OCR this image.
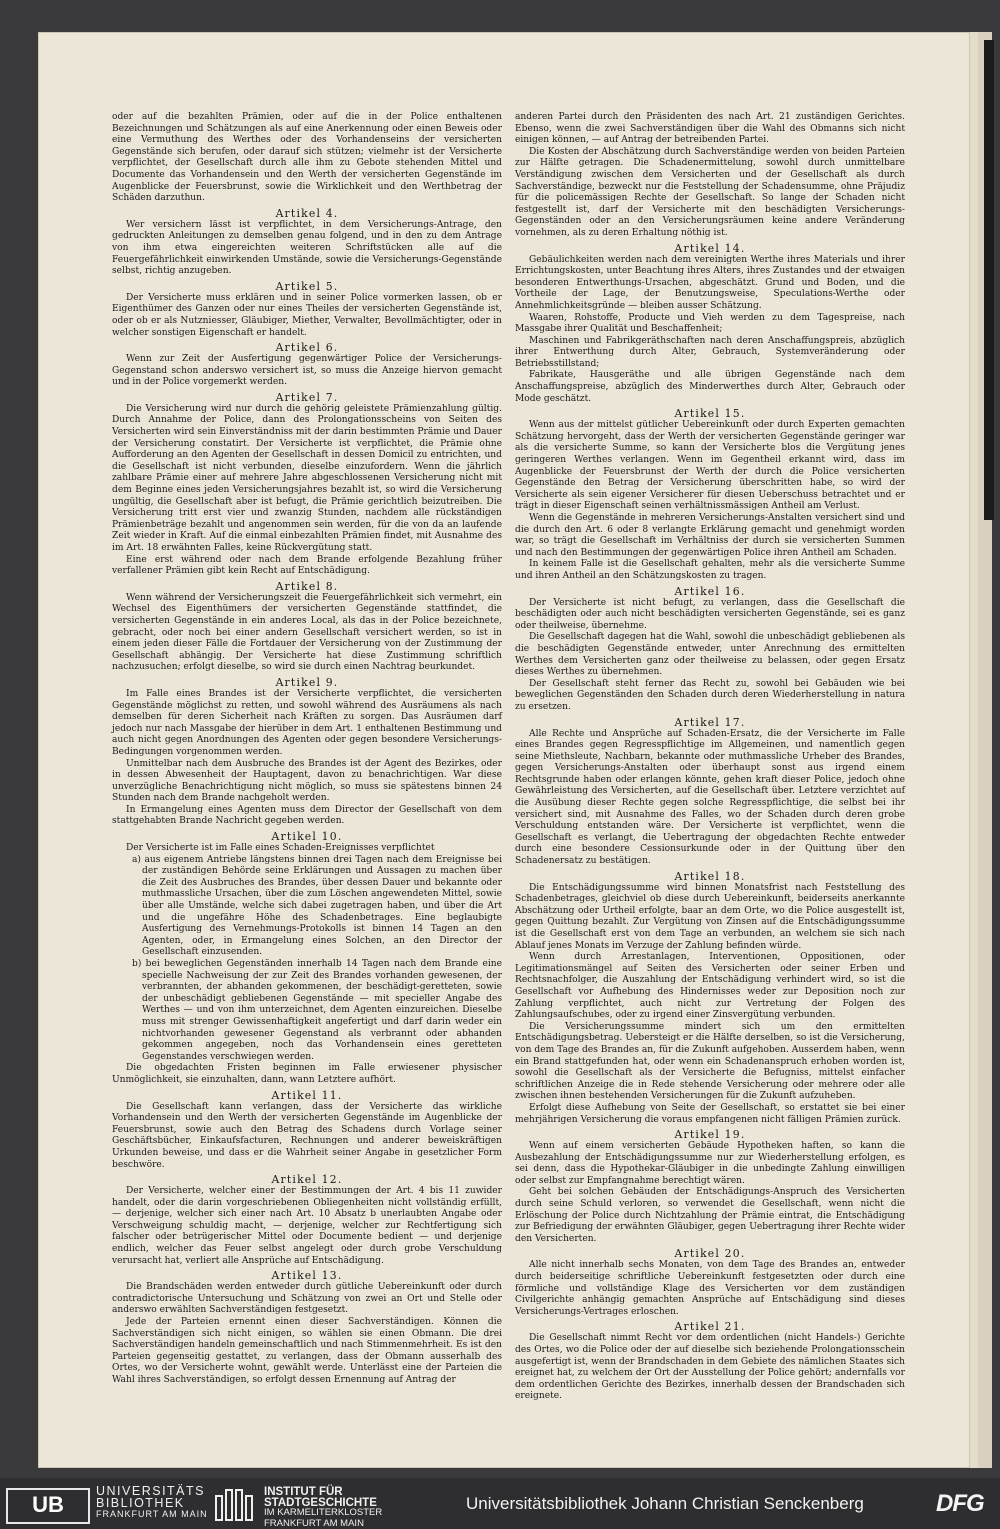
oder auf die bezahlten Prämien, oder auf die in der Police enthaltenen Bezeichnungen und Schätzungen als auf eine Anerkennung oder einen Beweis oder eine Vermuthung des Werthes oder des Vorhandenseins der versicherten Gegenstände sich berufen, oder darauf sich stützen; vielmehr ist der Versicherte verpflichtet, der Gesellschaft durch alle ihm zu Gebote stehenden Mittel und Documente das Vorhandensein und den Werth der versicherten Gegenstände im Augenblicke der Feuersbrunst, sowie die Wirklichkeit und den Werthbetrag der Schäden darzuthun.

Artikel 4.

Wer versichern lässt ist verpflichtet, in dem Versicherungs-Antrage, den gedruckten Anleitungen zu demselben genau folgend, und in den zu dem Antrage von ihm etwa eingereichten weiteren Schriftstücken alle auf die Feuergefährlichkeit einwirkenden Umstände, sowie die Versicherungs-Gegenstände selbst, richtig anzugeben.

Artikel 5.

Der Versicherte muss erklären und in seiner Police vormerken lassen, ob er Eigenthümer des Ganzen oder nur eines Theiles der versicherten Gegenstände ist, oder ob er als Nutzniesser, Gläubiger, Miether, Verwalter, Bevollmächtigter, oder in welcher sonstigen Eigenschaft er handelt.

Artikel 6.

Wenn zur Zeit der Ausfertigung gegenwärtiger Police der Versicherungs-Gegenstand schon anderswo versichert ist, so muss die Anzeige hiervon gemacht und in der Police vorgemerkt werden.

Artikel 7.

Die Versicherung wird nur durch die gehörig geleistete Prämienzahlung gültig. Durch Annahme der Police, dann des Prolongationsscheins von Seiten des Versicherten wird sein Einverständniss mit der darin bestimmten Prämie und Dauer der Versicherung constatirt. Der Versicherte ist verpflichtet, die Prämie ohne Aufforderung an den Agenten der Gesellschaft in dessen Domicil zu entrichten, und die Gesellschaft ist nicht verbunden, dieselbe einzufordern. Wenn die jährlich zahlbare Prämie einer auf mehrere Jahre abgeschlossenen Versicherung nicht mit dem Beginne eines jeden Versicherungsjahres bezahlt ist, so wird die Versicherung ungültig, die Gesellschaft aber ist befugt, die Prämie gerichtlich beizutreiben. Die Versicherung tritt erst vier und zwanzig Stunden, nachdem alle rückständigen Prämienbeträge bezahlt und angenommen sein werden, für die von da an laufende Zeit wieder in Kraft. Auf die einmal einbezahlten Prämien findet, mit Ausnahme des im Art. 18 erwähnten Falles, keine Rückvergütung statt.

Eine erst während oder nach dem Brande erfolgende Bezahlung früher verfallener Prämien gibt kein Recht auf Entschädigung.

Artikel 8.

Wenn während der Versicherungszeit die Feuergefährlichkeit sich vermehrt, ein Wechsel des Eigenthümers der versicherten Gegenstände stattfindet, die versicherten Gegenstände in ein anderes Local, als das in der Police bezeichnete, gebracht, oder noch bei einer andern Gesellschaft versichert werden, so ist in einem jeden dieser Fälle die Fortdauer der Versicherung von der Zustimmung der Gesellschaft abhängig. Der Versicherte hat diese Zustimmung schriftlich nachzusuchen; erfolgt dieselbe, so wird sie durch einen Nachtrag beurkundet.

Artikel 9.

Im Falle eines Brandes ist der Versicherte verpflichtet, die versicherten Gegenstände möglichst zu retten, und sowohl während des Ausräumens als nach demselben für deren Sicherheit nach Kräften zu sorgen. Das Ausräumen darf jedoch nur nach Massgabe der hierüber in dem Art. 1 enthaltenen Bestimmung und auch nicht gegen Anordnungen des Agenten oder gegen besondere Versicherungs-Bedingungen vorgenommen werden.

Unmittelbar nach dem Ausbruche des Brandes ist der Agent des Bezirkes, oder in dessen Abwesenheit der Hauptagent, davon zu benachrichtigen. War diese unverzügliche Benachrichtigung nicht möglich, so muss sie spätestens binnen 24 Stunden nach dem Brande nachgeholt werden.

In Ermangelung eines Agenten muss dem Director der Gesellschaft von dem stattgehabten Brande Nachricht gegeben werden.

Artikel 10.

Der Versicherte ist im Falle eines Schaden-Ereignisses verpflichtet

a) aus eigenem Antriebe längstens binnen drei Tagen nach dem Ereignisse bei der zuständigen Behörde seine Erklärungen und Aussagen zu machen über die Zeit des Ausbruches des Brandes, über dessen Dauer und bekannte oder muthmassliche Ursachen, über die zum Löschen angewendeten Mittel, sowie über alle Umstände, welche sich dabei zugetragen haben, und über die Art und die ungefähre Höhe des Schadenbetrages. Eine beglaubigte Ausfertigung des Vernehmungs-Protokolls ist binnen 14 Tagen an den Agenten, oder, in Ermangelung eines Solchen, an den Director der Gesellschaft einzusenden.

b) bei beweglichen Gegenständen innerhalb 14 Tagen nach dem Brande eine specielle Nachweisung der zur Zeit des Brandes vorhanden gewesenen, der verbrannten, der abhanden gekommenen, der beschädigt-geretteten, sowie der unbeschädigt gebliebenen Gegenstände — mit specieller Angabe des Werthes — und von ihm unterzeichnet, dem Agenten einzureichen. Dieselbe muss mit strenger Gewissenhaftigkeit angefertigt und darf darin weder ein nichtvorhanden gewesener Gegenstand als verbrannt oder abhanden gekommen angegeben, noch das Vorhandensein eines geretteten Gegenstandes verschwiegen werden.

Die obgedachten Fristen beginnen im Falle erwiesener physischer Unmöglichkeit, sie einzuhalten, dann, wann Letztere aufhört.

Artikel 11.

Die Gesellschaft kann verlangen, dass der Versicherte das wirkliche Vorhandensein und den Werth der versicherten Gegenstände im Augenblicke der Feuersbrunst, sowie auch den Betrag des Schadens durch Vorlage seiner Geschäftsbücher, Einkaufsfacturen, Rechnungen und anderer beweiskräftigen Urkunden beweise, und dass er die Wahrheit seiner Angabe in gesetzlicher Form beschwöre.

Artikel 12.

Der Versicherte, welcher einer der Bestimmungen der Art. 4 bis 11 zuwider handelt, oder die darin vorgeschriebenen Obliegenheiten nicht vollständig erfüllt, — derjenige, welcher sich einer nach Art. 10 Absatz b unerlaubten Angabe oder Verschweigung schuldig macht, — derjenige, welcher zur Rechtfertigung sich falscher oder betrügerischer Mittel oder Documente bedient — und derjenige endlich, welcher das Feuer selbst angelegt oder durch grobe Verschuldung verursacht hat, verliert alle Ansprüche auf Entschädigung.

Artikel 13.

Die Brandschäden werden entweder durch gütliche Uebereinkunft oder durch contradictorische Untersuchung und Schätzung von zwei an Ort und Stelle oder anderswo erwählten Sachverständigen festgesetzt.

Jede der Parteien ernennt einen dieser Sachverständigen. Können die Sachverständigen sich nicht einigen, so wählen sie einen Obmann. Die drei Sachverständigen handeln gemeinschaftlich und nach Stimmenmehrheit. Es ist den Parteien gegenseitig gestattet, zu verlangen, dass der Obmann ausserhalb des Ortes, wo der Versicherte wohnt, gewählt werde. Unterlässt eine der Parteien die Wahl ihres Sachverständigen, so erfolgt dessen Ernennung auf Antrag der

anderen Partei durch den Präsidenten des nach Art. 21 zuständigen Gerichtes. Ebenso, wenn die zwei Sachverständigen über die Wahl des Obmanns sich nicht einigen können, — auf Antrag der betreibenden Partei.

Die Kosten der Abschätzung durch Sachverständige werden von beiden Parteien zur Hälfte getragen. Die Schadenermittelung, sowohl durch unmittelbare Verständigung zwischen dem Versicherten und der Gesellschaft als durch Sachverständige, bezweckt nur die Feststellung der Schadensumme, ohne Präjudiz für die policemässigen Rechte der Gesellschaft. So lange der Schaden nicht festgestellt ist, darf der Versicherte mit den beschädigten Versicherungs-Gegenständen oder an den Versicherungsräumen keine andere Veränderung vornehmen, als zu deren Erhaltung nöthig ist.

Artikel 14.

Gebäulichkeiten werden nach dem vereinigten Werthe ihres Materials und ihrer Errichtungskosten, unter Beachtung ihres Alters, ihres Zustandes und der etwaigen besonderen Entwerthungs-Ursachen, abgeschätzt. Grund und Boden, und die Vortheile der Lage, der Benutzungsweise, Speculations-Werthe oder Annehmlichkeitsgründe — bleiben ausser Schätzung.

Waaren, Rohstoffe, Producte und Vieh werden zu dem Tagespreise, nach Massgabe ihrer Qualität und Beschaffenheit;

Maschinen und Fabrikgeräthschaften nach deren Anschaffungspreis, abzüglich ihrer Entwerthung durch Alter, Gebrauch, Systemveränderung oder Betriebsstillstand;

Fabrikate, Hausgeräthe und alle übrigen Gegenstände nach dem Anschaffungspreise, abzüglich des Minderwerthes durch Alter, Gebrauch oder Mode geschätzt.

Artikel 15.

Wenn aus der mittelst gütlicher Uebereinkunft oder durch Experten gemachten Schätzung hervorgeht, dass der Werth der versicherten Gegenstände geringer war als die versicherte Summe, so kann der Versicherte blos die Vergütung jenes geringeren Werthes verlangen. Wenn im Gegentheil erkannt wird, dass im Augenblicke der Feuersbrunst der Werth der durch die Police versicherten Gegenstände den Betrag der Versicherung überschritten habe, so wird der Versicherte als sein eigener Versicherer für diesen Ueberschuss betrachtet und er trägt in dieser Eigenschaft seinen verhältnissmässigen Antheil am Verlust.

Wenn die Gegenstände in mehreren Versicherungs-Anstalten versichert sind und die durch den Art. 6 oder 8 verlangte Erklärung gemacht und genehmigt worden war, so trägt die Gesellschaft im Verhältniss der durch sie versicherten Summen und nach den Bestimmungen der gegenwärtigen Police ihren Antheil am Schaden.

In keinem Falle ist die Gesellschaft gehalten, mehr als die versicherte Summe und ihren Antheil an den Schätzungskosten zu tragen.

Artikel 16.

Der Versicherte ist nicht befugt, zu verlangen, dass die Gesellschaft die beschädigten oder auch nicht beschädigten versicherten Gegenstände, sei es ganz oder theilweise, übernehme.

Die Gesellschaft dagegen hat die Wahl, sowohl die unbeschädigt gebliebenen als die beschädigten Gegenstände entweder, unter Anrechnung des ermittelten Werthes dem Versicherten ganz oder theilweise zu belassen, oder gegen Ersatz dieses Werthes zu übernehmen.

Der Gesellschaft steht ferner das Recht zu, sowohl bei Gebäuden wie bei beweglichen Gegenständen den Schaden durch deren Wiederherstellung in natura zu ersetzen.

Artikel 17.

Alle Rechte und Ansprüche auf Schaden-Ersatz, die der Versicherte im Falle eines Brandes gegen Regresspflichtige im Allgemeinen, und namentlich gegen seine Miethsleute, Nachbarn, bekannte oder muthmassliche Urheber des Brandes, gegen Versicherungs-Anstalten oder überhaupt sonst aus irgend einem Rechtsgrunde haben oder erlangen könnte, gehen kraft dieser Police, jedoch ohne Gewährleistung des Versicherten, auf die Gesellschaft über. Letztere verzichtet auf die Ausübung dieser Rechte gegen solche Regresspflichtige, die selbst bei ihr versichert sind, mit Ausnahme des Falles, wo der Schaden durch deren grobe Verschuldung entstanden wäre. Der Versicherte ist verpflichtet, wenn die Gesellschaft es verlangt, die Uebertragung der obgedachten Rechte entweder durch eine besondere Cessionsurkunde oder in der Quittung über den Schadenersatz zu bestätigen.

Artikel 18.

Die Entschädigungssumme wird binnen Monatsfrist nach Feststellung des Schadenbetrages, gleichviel ob diese durch Uebereinkunft, beiderseits anerkannte Abschätzung oder Urtheil erfolgte, baar an dem Orte, wo die Police ausgestellt ist, gegen Quittung bezahlt. Zur Vergütung von Zinsen auf die Entschädigungssumme ist die Gesellschaft erst von dem Tage an verbunden, an welchem sie sich nach Ablauf jenes Monats im Verzuge der Zahlung befinden würde.

Wenn durch Arrestanlagen, Interventionen, Oppositionen, oder Legitimationsmängel auf Seiten des Versicherten oder seiner Erben und Rechtsnachfolger, die Auszahlung der Entschädigung verhindert wird, so ist die Gesellschaft vor Aufhebung des Hindernisses weder zur Deposition noch zur Zahlung verpflichtet, auch nicht zur Vertretung der Folgen des Zahlungsaufschubes, oder zu irgend einer Zinsvergütung verbunden.

Die Versicherungssumme mindert sich um den ermittelten Entschädigungsbetrag. Uebersteigt er die Hälfte derselben, so ist die Versicherung, von dem Tage des Brandes an, für die Zukunft aufgehoben. Ausserdem haben, wenn ein Brand stattgefunden hat, oder wenn ein Schadenanspruch erhoben worden ist, sowohl die Gesellschaft als der Versicherte die Befugniss, mittelst einfacher schriftlichen Anzeige die in Rede stehende Versicherung oder mehrere oder alle zwischen ihnen bestehenden Versicherungen für die Zukunft aufzuheben.

Erfolgt diese Aufhebung von Seite der Gesellschaft, so erstattet sie bei einer mehrjährigen Versicherung die voraus empfangenen nicht fälligen Prämien zurück.

Artikel 19.

Wenn auf einem versicherten Gebäude Hypotheken haften, so kann die Ausbezahlung der Entschädigungssumme nur zur Wiederherstellung erfolgen, es sei denn, dass die Hypothekar-Gläubiger in die unbedingte Zahlung einwilligen oder selbst zur Empfangnahme berechtigt wären.

Geht bei solchen Gebäuden der Entschädigungs-Anspruch des Versicherten durch seine Schuld verloren, so verwendet die Gesellschaft, wenn nicht die Erlöschung der Police durch Nichtzahlung der Prämie eintrat, die Entschädigung zur Befriedigung der erwähnten Gläubiger, gegen Uebertragung ihrer Rechte wider den Versicherten.

Artikel 20.

Alle nicht innerhalb sechs Monaten, von dem Tage des Brandes an, entweder durch beiderseitige schriftliche Uebereinkunft festgesetzten oder durch eine förmliche und vollständige Klage des Versicherten vor dem zuständigen Civilgerichte anhängig gemachten Ansprüche auf Entschädigung sind dieses Versicherungs-Vertrages erloschen.

Artikel 21.

Die Gesellschaft nimmt Recht vor dem ordentlichen (nicht Handels-) Gerichte des Ortes, wo die Police oder der auf dieselbe sich beziehende Prolongationsschein ausgefertigt ist, wenn der Brandschaden in dem Gebiete des nämlichen Staates sich ereignet hat, zu welchem der Ort der Ausstellung der Police gehört; andernfalls vor dem ordentlichen Gerichte des Bezirkes, innerhalb dessen der Brandschaden sich ereignete.

UB
UNIVERSITÄTS
BIBLIOTHEK
FRANKFURT AM MAIN
INSTITUT FÜR
STADTGESCHICHTE
IM KARMELITERKLOSTER
FRANKFURT AM MAIN
Universitätsbibliothek Johann Christian Senckenberg	DFG
